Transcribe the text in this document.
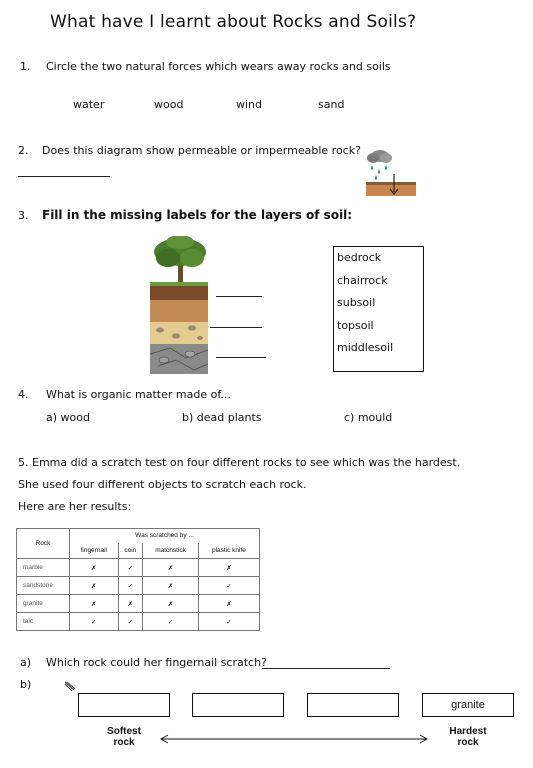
What have I learnt about Rocks and Soils?
1. Circle the two natural forces which wears away rocks and soils
water	wood	wind	sand
2. Does this diagram show permeable or impermeable rock?
3. Fill in the missing labels for the layers of soil:
bedrock
chairrock
subsoil
topsoil
middlesoil
4. What is organic matter made of...
a) wood	b) dead plants	c) mould
5. Emma did a scratch test on four different rocks to see which was the hardest.
She used four different objects to scratch each rock.
Here are her results:
Rock	Was scratched by ...			
	fingernail	coin	matchstick	plastic knife
marble	✗	✓	✗	✗
sandstone	✗	✓	✗	✓
granite	✗	✗	✗	✗
talc	✓	✓	✓	✓
a) Which rock could her fingernail scratch?
b)
granite
Softest
rock
Hardest
rock
